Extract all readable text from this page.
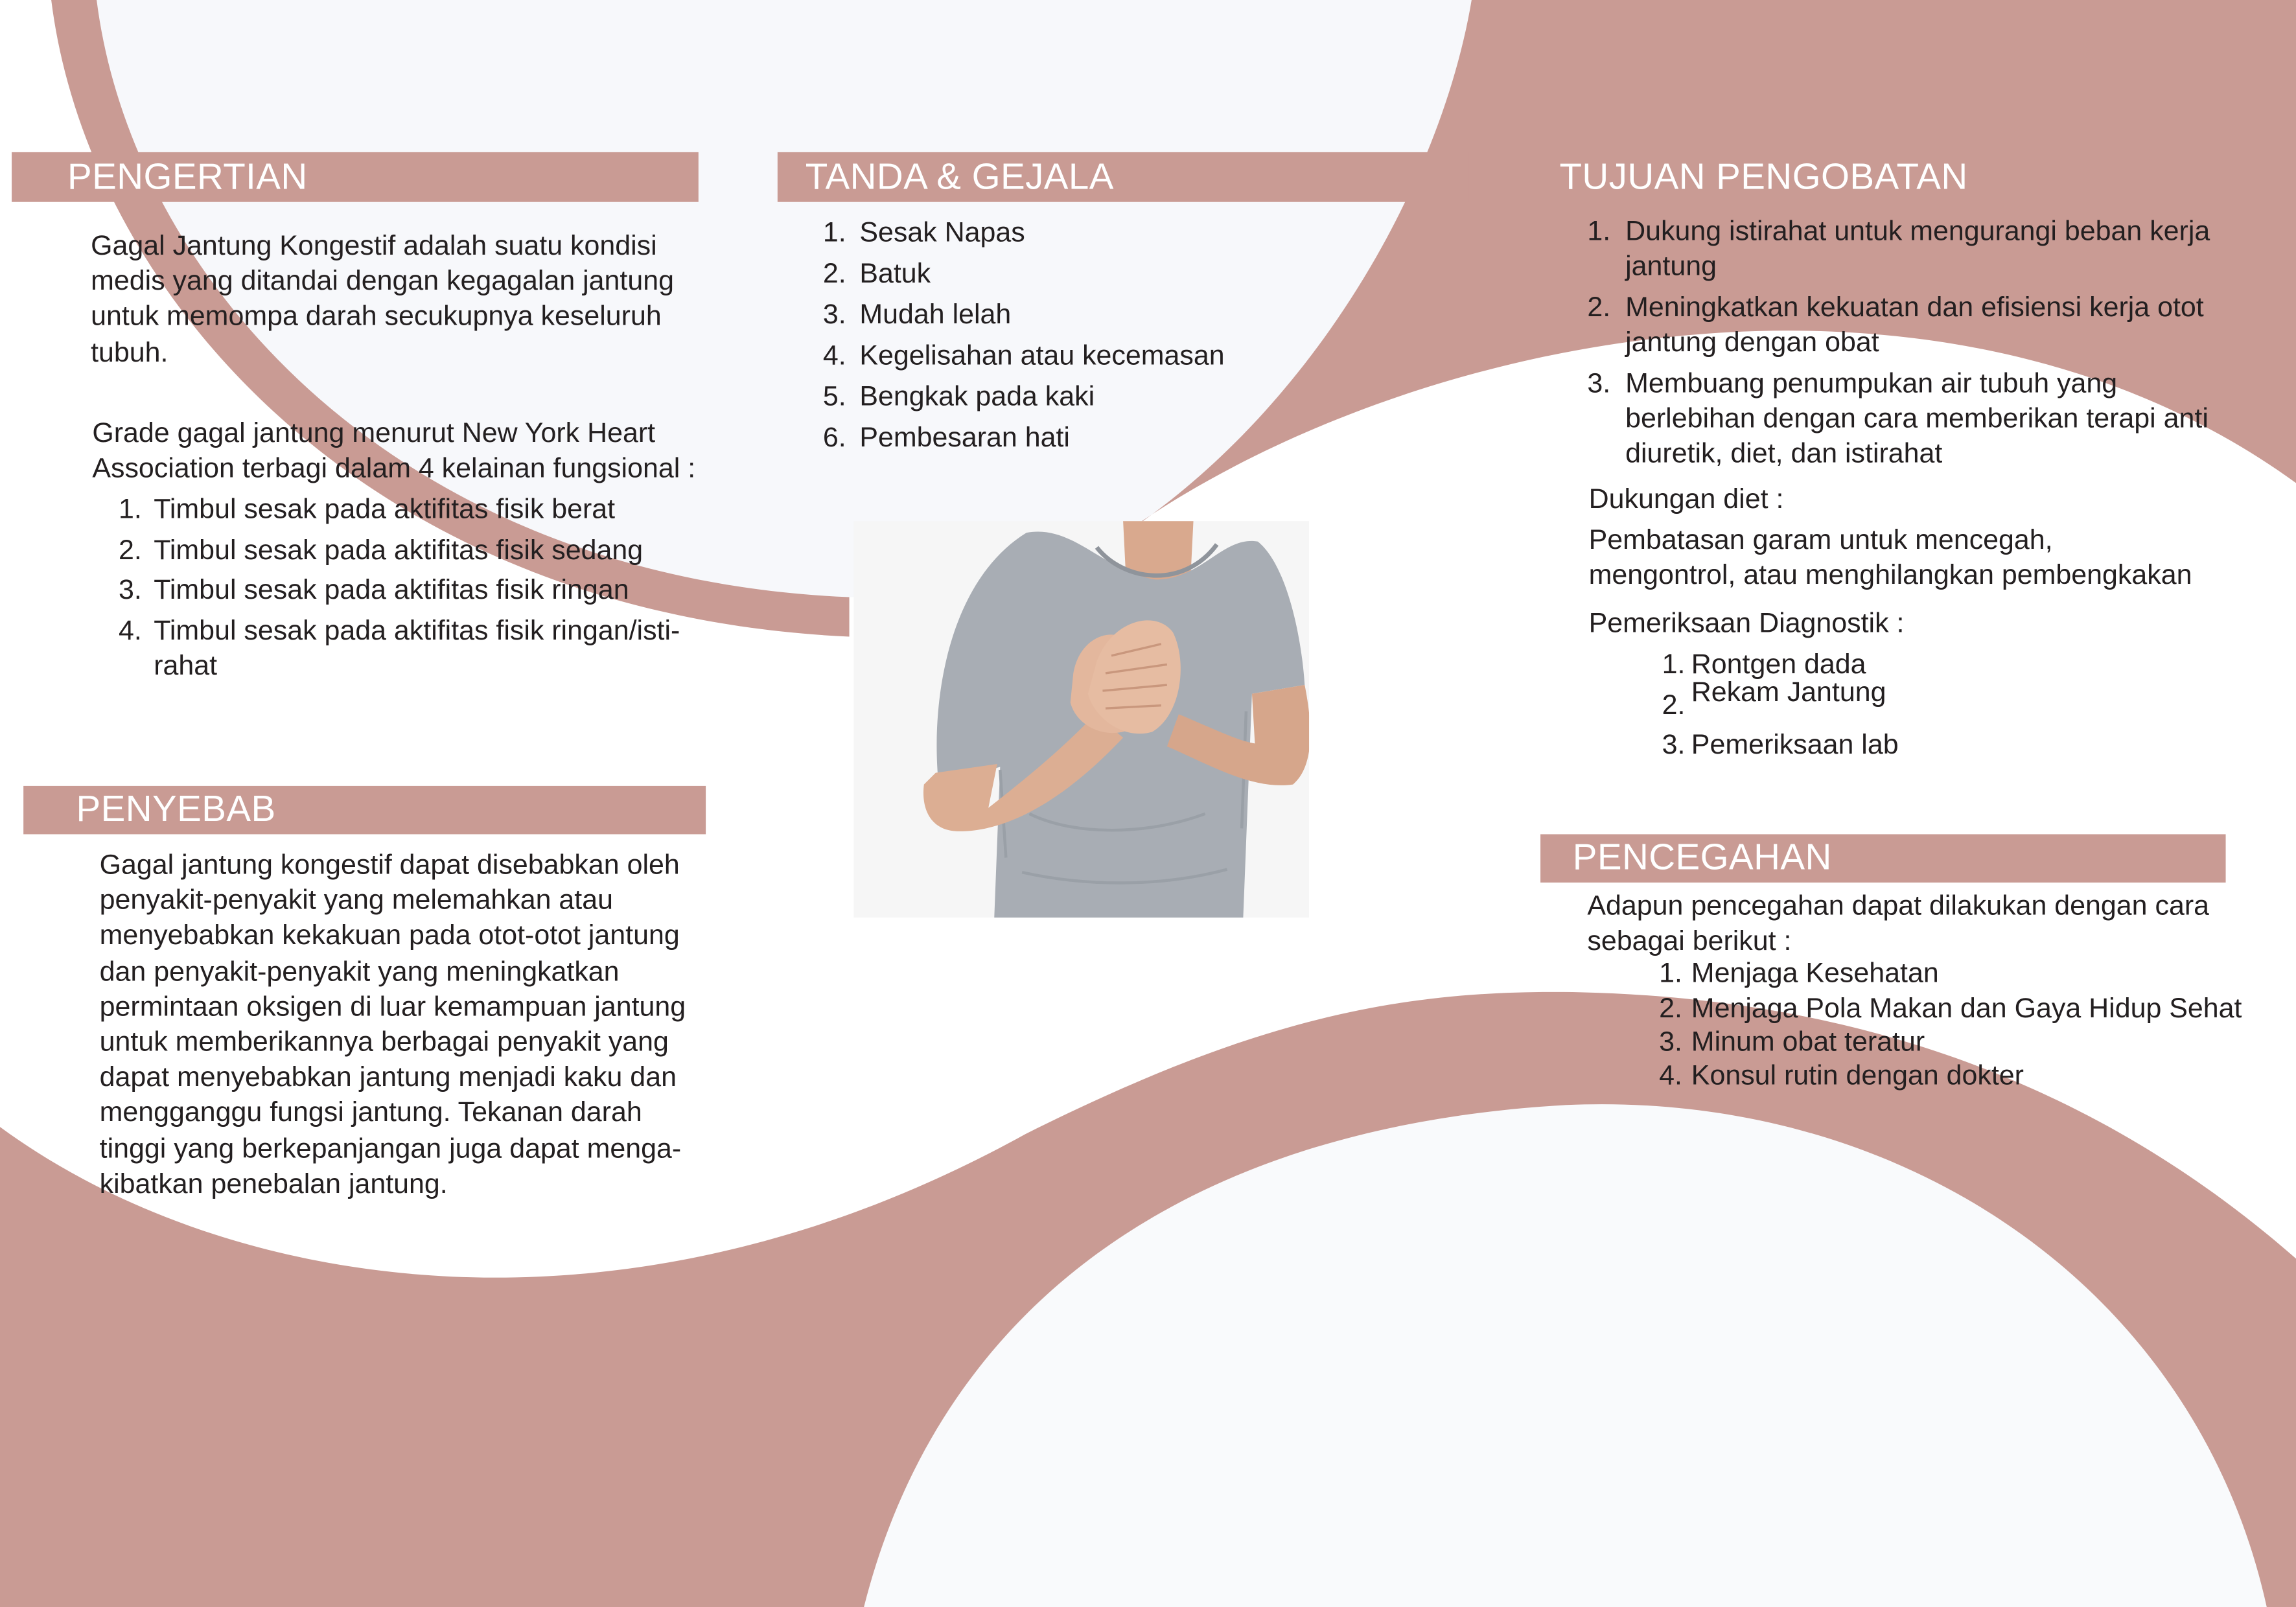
PENGERTIAN
Gagal Jantung Kongestif adalah suatu kondisi
medis yang ditandai dengan kegagalan jantung
untuk memompa darah secukupnya keseluruh
tubuh.
Grade gagal jantung menurut New York Heart
Association terbagi dalam 4 kelainan fungsional :
1. Timbul sesak pada aktifitas fisik berat
2. Timbul sesak pada aktifitas fisik sedang
3. Timbul sesak pada aktifitas fisik ringan
4. Timbul sesak pada aktifitas fisik ringan/isti-
rahat
TANDA & GEJALA
1. Sesak Napas
2. Batuk
3. Mudah lelah
4. Kegelisahan atau kecemasan
5. Bengkak pada kaki
6. Pembesaran hati
TUJUAN PENGOBATAN
1. Dukung istirahat untuk mengurangi beban kerja
jantung
2. Meningkatkan kekuatan dan efisiensi kerja otot
jantung dengan obat
3. Membuang penumpukan air tubuh yang
berlebihan dengan cara memberikan terapi anti
diuretik, diet, dan istirahat
Dukungan diet :
Pembatasan garam untuk mencegah,
mengontrol, atau menghilangkan pembengkakan
Pemeriksaan Diagnostik :
1. Rontgen dada
2. Rekam Jantung
3. Pemeriksaan lab
PENYEBAB
Gagal jantung kongestif dapat disebabkan oleh
penyakit-penyakit yang melemahkan atau
menyebabkan kekakuan pada otot-otot jantung
dan penyakit-penyakit yang meningkatkan
permintaan oksigen di luar kemampuan jantung
untuk memberikannya berbagai penyakit yang
dapat menyebabkan jantung menjadi kaku dan
mengganggu fungsi jantung. Tekanan darah
tinggi yang berkepanjangan juga dapat menga-
kibatkan penebalan jantung.
PENCEGAHAN
Adapun pencegahan dapat dilakukan dengan cara
sebagai berikut :
1. Menjaga Kesehatan
2. Menjaga Pola Makan dan Gaya Hidup Sehat
3. Minum obat teratur
4. Konsul rutin dengan dokter
